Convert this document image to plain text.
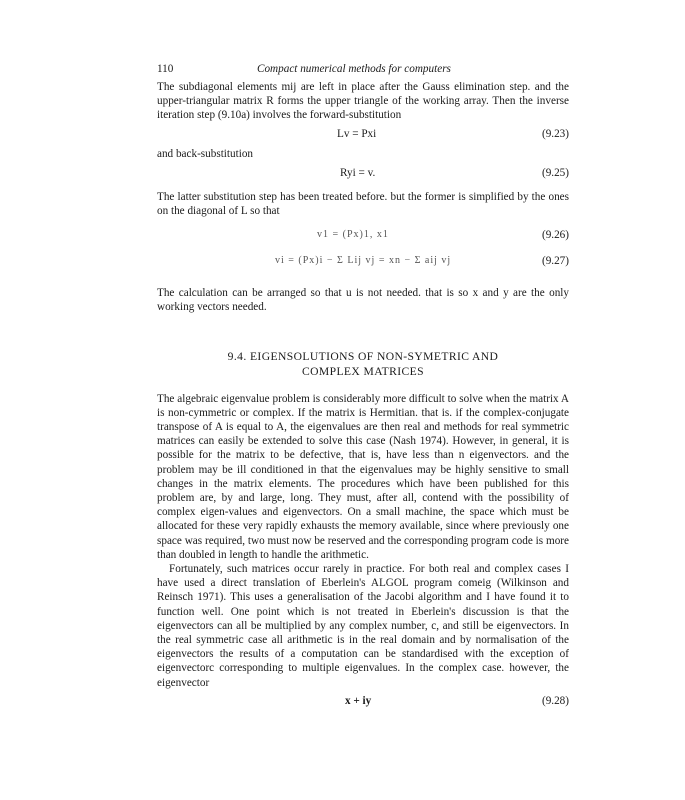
110	Compact numerical methods for computers

The subdiagonal elements mij are left in place after the Gauss elimination step. and the upper-triangular matrix R forms the upper triangle of the working array. Then the inverse iteration step (9.10a) involves the forward-substitution

Lv = Pxi	(9.23)

and back-substitution

Ryi = v.	(9.25)

The latter substitution step has been treated before. but the former is simplified by the ones on the diagonal of L so that

v1 = (Px)1, x1	(9.26)
vi = (Px)i − Σ Lij vj = xn − Σ aij vj	(9.27)

The calculation can be arranged so that u is not needed. that is so x and y are the only working vectors needed.

9.4. EIGENSOLUTIONS OF NON-SYMETRIC AND
COMPLEX MATRICES

The algebraic eigenvalue problem is considerably more difficult to solve when the matrix A is non-cymmetric or complex. If the matrix is Hermitian. that is. if the complex-conjugate transpose of A is equal to A, the eigenvalues are then real and methods for real symmetric matrices can easily be extended to solve this case (Nash 1974). However, in general, it is possible for the matrix to be defective, that is, have less than n eigenvectors. and the problem may be ill conditioned in that the eigenvalues may be highly sensitive to small changes in the matrix elements. The procedures which have been published for this problem are, by and large, long. They must, after all, contend with the possibility of complex eigen-values and eigenvectors. On a small machine, the space which must be allocated for these very rapidly exhausts the memory available, since where previously one space was required, two must now be reserved and the corresponding program code is more than doubled in length to handle the arithmetic.

Fortunately, such matrices occur rarely in practice. For both real and complex cases I have used a direct translation of Eberlein's ALGOL program comeig (Wilkinson and Reinsch 1971). This uses a generalisation of the Jacobi algorithm and I have found it to function well. One point which is not treated in Eberlein's discussion is that the eigenvectors can all be multiplied by any complex number, c, and still be eigenvectors. In the real symmetric case all arithmetic is in the real domain and by normalisation of the eigenvectors the results of a computation can be standardised with the exception of eigenvectorc corresponding to multiple eigenvalues. In the complex case. however, the eigenvector

x + iy	(9.28)
